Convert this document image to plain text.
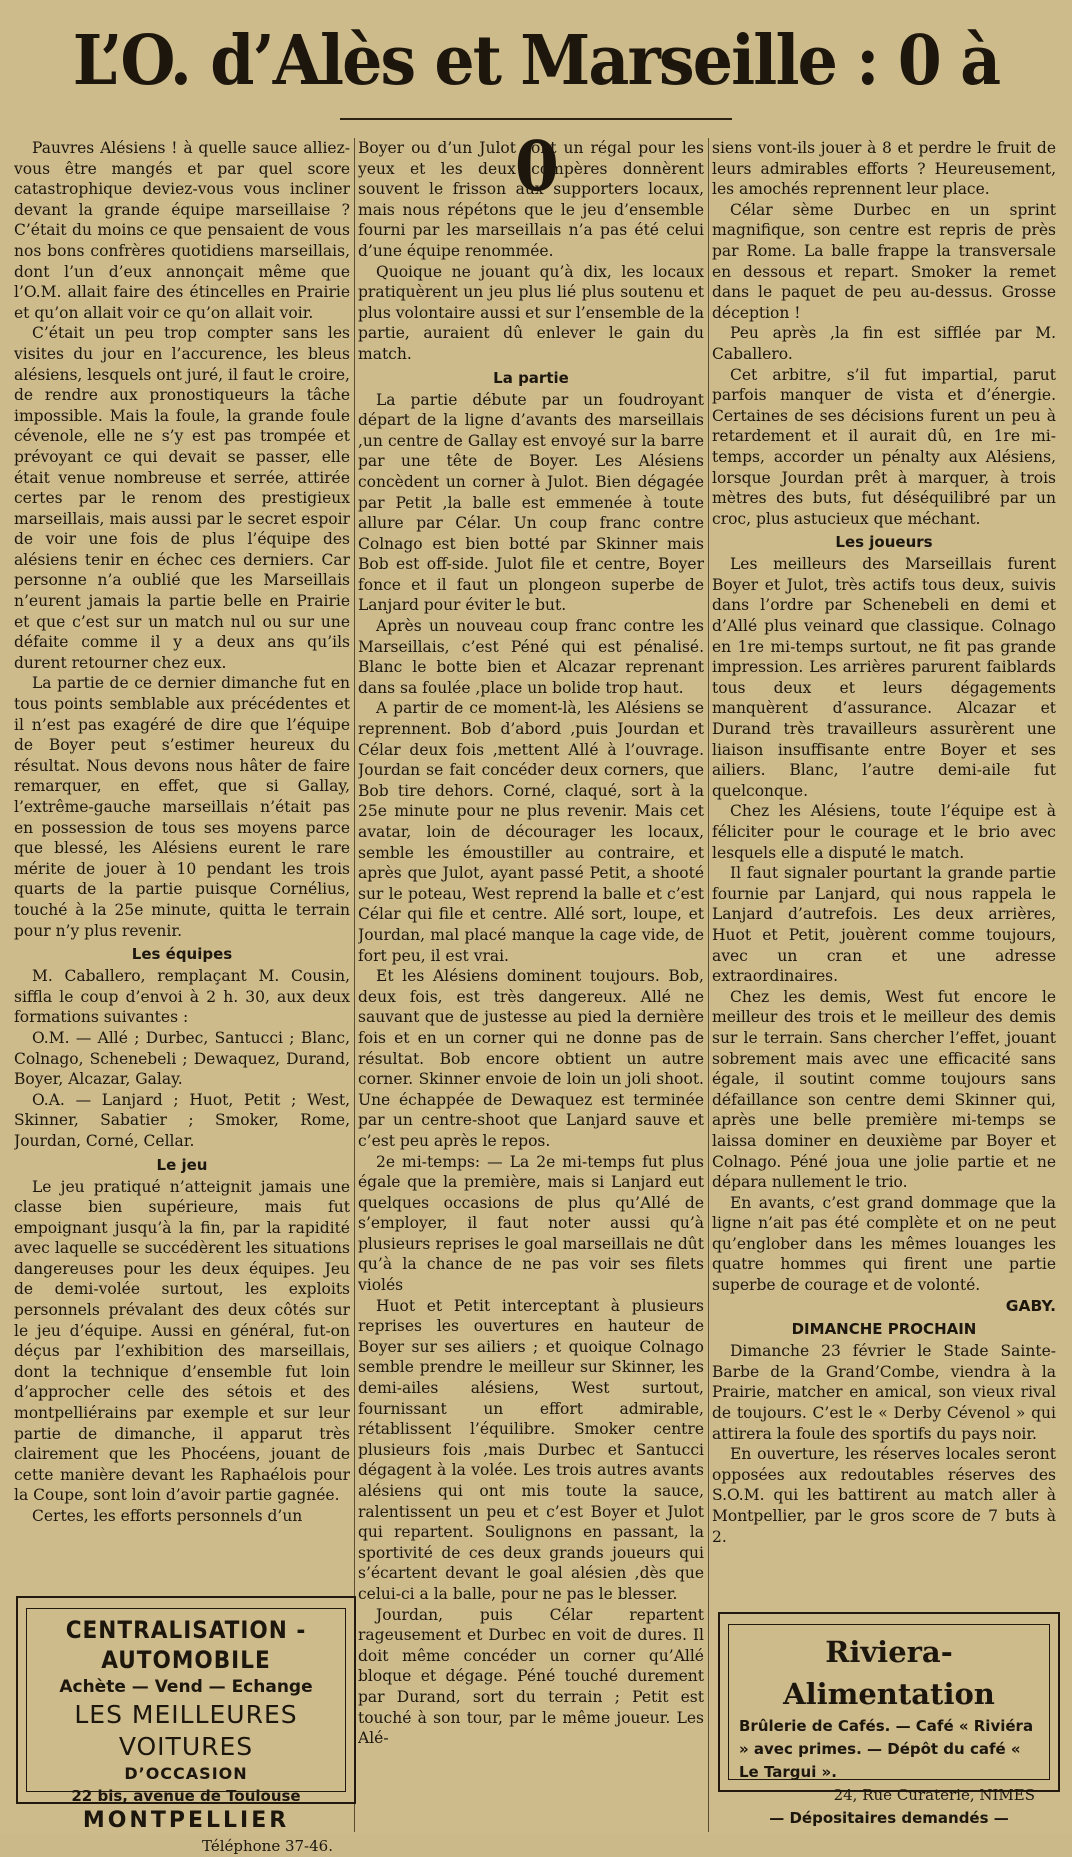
L’O. d’Alès et Marseille : 0 à 0

Pauvres Alésiens ! à quelle sauce alliez-vous être mangés et par quel score catastrophique deviez-vous vous incliner devant la grande équipe marseillaise ? C’était du moins ce que pensaient de vous nos bons confrères quotidiens marseillais, dont l’un d’eux annonçait même que l’O.M. allait faire des étincelles en Prairie et qu’on allait voir ce qu’on allait voir.

C’était un peu trop compter sans les visites du jour en l’accurence, les bleus alésiens, lesquels ont juré, il faut le croire, de rendre aux pronostiqueurs la tâche impossible. Mais la foule, la grande foule cévenole, elle ne s’y est pas trompée et prévoyant ce qui devait se passer, elle était venue nombreuse et serrée, attirée certes par le renom des prestigieux marseillais, mais aussi par le secret espoir de voir une fois de plus l’équipe des alésiens tenir en échec ces derniers. Car personne n’a oublié que les Marseillais n’eurent jamais la partie belle en Prairie et que c’est sur un match nul ou sur une défaite comme il y a deux ans qu’ils durent retourner chez eux.

La partie de ce dernier dimanche fut en tous points semblable aux précédentes et il n’est pas exagéré de dire que l’équipe de Boyer peut s’estimer heureux du résultat. Nous devons nous hâter de faire remarquer, en effet, que si Gallay, l’extrême-gauche marseillais n’était pas en possession de tous ses moyens parce que blessé, les Alésiens eurent le rare mérite de jouer à 10 pendant les trois quarts de la partie puisque Cornélius, touché à la 25e minute, quitta le terrain pour n’y plus revenir.

Les équipes

M. Caballero, remplaçant M. Cousin, siffla le coup d’envoi à 2 h. 30, aux deux formations suivantes :

O.M. — Allé ; Durbec, Santucci ; Blanc, Colnago, Schenebeli ; Dewaquez, Durand, Boyer, Alcazar, Galay.

O.A. — Lanjard ; Huot, Petit ; West, Skinner, Sabatier ; Smoker, Rome, Jourdan, Corné, Cellar.

Le jeu

Le jeu pratiqué n’atteignit jamais une classe bien supérieure, mais fut empoignant jusqu’à la fin, par la rapidité avec laquelle se succédèrent les situations dangereuses pour les deux équipes. Jeu de demi-volée surtout, les exploits personnels prévalant des deux côtés sur le jeu d’équipe. Aussi en général, fut-on déçus par l’exhibition des marseillais, dont la technique d’ensemble fut loin d’approcher celle des sétois et des montpelliérains par exemple et sur leur partie de dimanche, il apparut très clairement que les Phocéens, jouant de cette manière devant les Raphaélois pour la Coupe, sont loin d’avoir partie gagnée.

Certes, les efforts personnels d’un

Boyer ou d’un Julot sont un régal pour les yeux et les deux compères donnèrent souvent le frisson aux supporters locaux, mais nous répétons que le jeu d’ensemble fourni par les marseillais n’a pas été celui d’une équipe renommée.

Quoique ne jouant qu’à dix, les locaux pratiquèrent un jeu plus lié plus soutenu et plus volontaire aussi et sur l’ensemble de la partie, auraient dû enlever le gain du match.

La partie

La partie débute par un foudroyant départ de la ligne d’avants des marseillais ,un centre de Gallay est envoyé sur la barre par une tête de Boyer. Les Alésiens concèdent un corner à Julot. Bien dégagée par Petit ,la balle est emmenée à toute allure par Célar. Un coup franc contre Colnago est bien botté par Skinner mais Bob est off-side. Julot file et centre, Boyer fonce et il faut un plongeon superbe de Lanjard pour éviter le but.

Après un nouveau coup franc contre les Marseillais, c’est Péné qui est pénalisé. Blanc le botte bien et Alcazar reprenant dans sa foulée ,place un bolide trop haut.

A partir de ce moment-là, les Alésiens se reprennent. Bob d’abord ,puis Jourdan et Célar deux fois ,mettent Allé à l’ouvrage. Jourdan se fait concéder deux corners, que Bob tire dehors. Corné, claqué, sort à la 25e minute pour ne plus revenir. Mais cet avatar, loin de décourager les locaux, semble les émoustiller au contraire, et après que Julot, ayant passé Petit, a shooté sur le poteau, West reprend la balle et c’est Célar qui file et centre. Allé sort, loupe, et Jourdan, mal placé manque la cage vide, de fort peu, il est vrai.

Et les Alésiens dominent toujours. Bob, deux fois, est très dangereux. Allé ne sauvant que de justesse au pied la dernière fois et en un corner qui ne donne pas de résultat. Bob encore obtient un autre corner. Skinner envoie de loin un joli shoot. Une échappée de Dewaquez est terminée par un centre-shoot que Lanjard sauve et c’est peu après le repos.

2e mi-temps: — La 2e mi-temps fut plus égale que la première, mais si Lanjard eut quelques occasions de plus qu’Allé de s’employer, il faut noter aussi qu’à plusieurs reprises le goal marseillais ne dût qu’à la chance de ne pas voir ses filets violés

Huot et Petit interceptant à plusieurs reprises les ouvertures en hauteur de Boyer sur ses ailiers ; et quoique Colnago semble prendre le meilleur sur Skinner, les demi-ailes alésiens, West surtout, fournissant un effort admirable, rétablissent l’équilibre. Smoker centre plusieurs fois ,mais Durbec et Santucci dégagent à la volée. Les trois autres avants alésiens qui ont mis toute la sauce, ralentissent un peu et c’est Boyer et Julot qui repartent. Soulignons en passant, la sportivité de ces deux grands joueurs qui s’écartent devant le goal alésien ,dès que celui-ci a la balle, pour ne pas le blesser.

Jourdan, puis Célar repartent rageusement et Durbec en voit de dures. Il doit même concéder un corner qu’Allé bloque et dégage. Péné touché durement par Durand, sort du terrain ; Petit est touché à son tour, par le même joueur. Les Alé-

siens vont-ils jouer à 8 et perdre le fruit de leurs admirables efforts ? Heureusement, les amochés reprennent leur place.

Célar sème Durbec en un sprint magnifique, son centre est repris de près par Rome. La balle frappe la transversale en dessous et repart. Smoker la remet dans le paquet de peu au-dessus. Grosse déception !

Peu après ,la fin est sifflée par M. Caballero.

Cet arbitre, s’il fut impartial, parut parfois manquer de vista et d’énergie. Certaines de ses décisions furent un peu à retardement et il aurait dû, en 1re mi-temps, accorder un pénalty aux Alésiens, lorsque Jourdan prêt à marquer, à trois mètres des buts, fut déséquilibré par un croc, plus astucieux que méchant.

Les joueurs

Les meilleurs des Marseillais furent Boyer et Julot, très actifs tous deux, suivis dans l’ordre par Schenebeli en demi et d’Allé plus veinard que classique. Colnago en 1re mi-temps surtout, ne fit pas grande impression. Les arrières parurent faiblards tous deux et leurs dégagements manquèrent d’assurance. Alcazar et Durand très travailleurs assurèrent une liaison insuffisante entre Boyer et ses ailiers. Blanc, l’autre demi-aile fut quelconque.

Chez les Alésiens, toute l’équipe est à féliciter pour le courage et le brio avec lesquels elle a disputé le match.

Il faut signaler pourtant la grande partie fournie par Lanjard, qui nous rappela le Lanjard d’autrefois. Les deux arrières, Huot et Petit, jouèrent comme toujours, avec un cran et une adresse extraordinaires.

Chez les demis, West fut encore le meilleur des trois et le meilleur des demis sur le terrain. Sans chercher l’effet, jouant sobrement mais avec une efficacité sans égale, il soutint comme toujours sans défaillance son centre demi Skinner qui, après une belle première mi-temps se laissa dominer en deuxième par Boyer et Colnago. Péné joua une jolie partie et ne dépara nullement le trio.

En avants, c’est grand dommage que la ligne n’ait pas été complète et on ne peut qu’englober dans les mêmes louanges les quatre hommes qui firent une partie superbe de courage et de volonté.

GABY.

DIMANCHE PROCHAIN

Dimanche 23 février le Stade Sainte-Barbe de la Grand’Combe, viendra à la Prairie, matcher en amical, son vieux rival de toujours. C’est le « Derby Cévenol » qui attirera la foule des sportifs du pays noir.

En ouverture, les réserves locales seront opposées aux redoutables réserves des S.O.M. qui les battirent au match aller à Montpellier, par le gros score de 7 buts à 2.

CENTRALISATION - AUTOMOBILE
Achète — Vend — Echange
LES MEILLEURES VOITURES
D’OCCASION
22 bis, avenue de Toulouse
MONTPELLIER
Téléphone 37-46.
Riviera-Alimentation
Brûlerie de Cafés. — Café « Riviéra » avec primes. — Dépôt du café « Le Targui ».
24, Rue Curaterie, NIMES
— Dépositaires demandés —
